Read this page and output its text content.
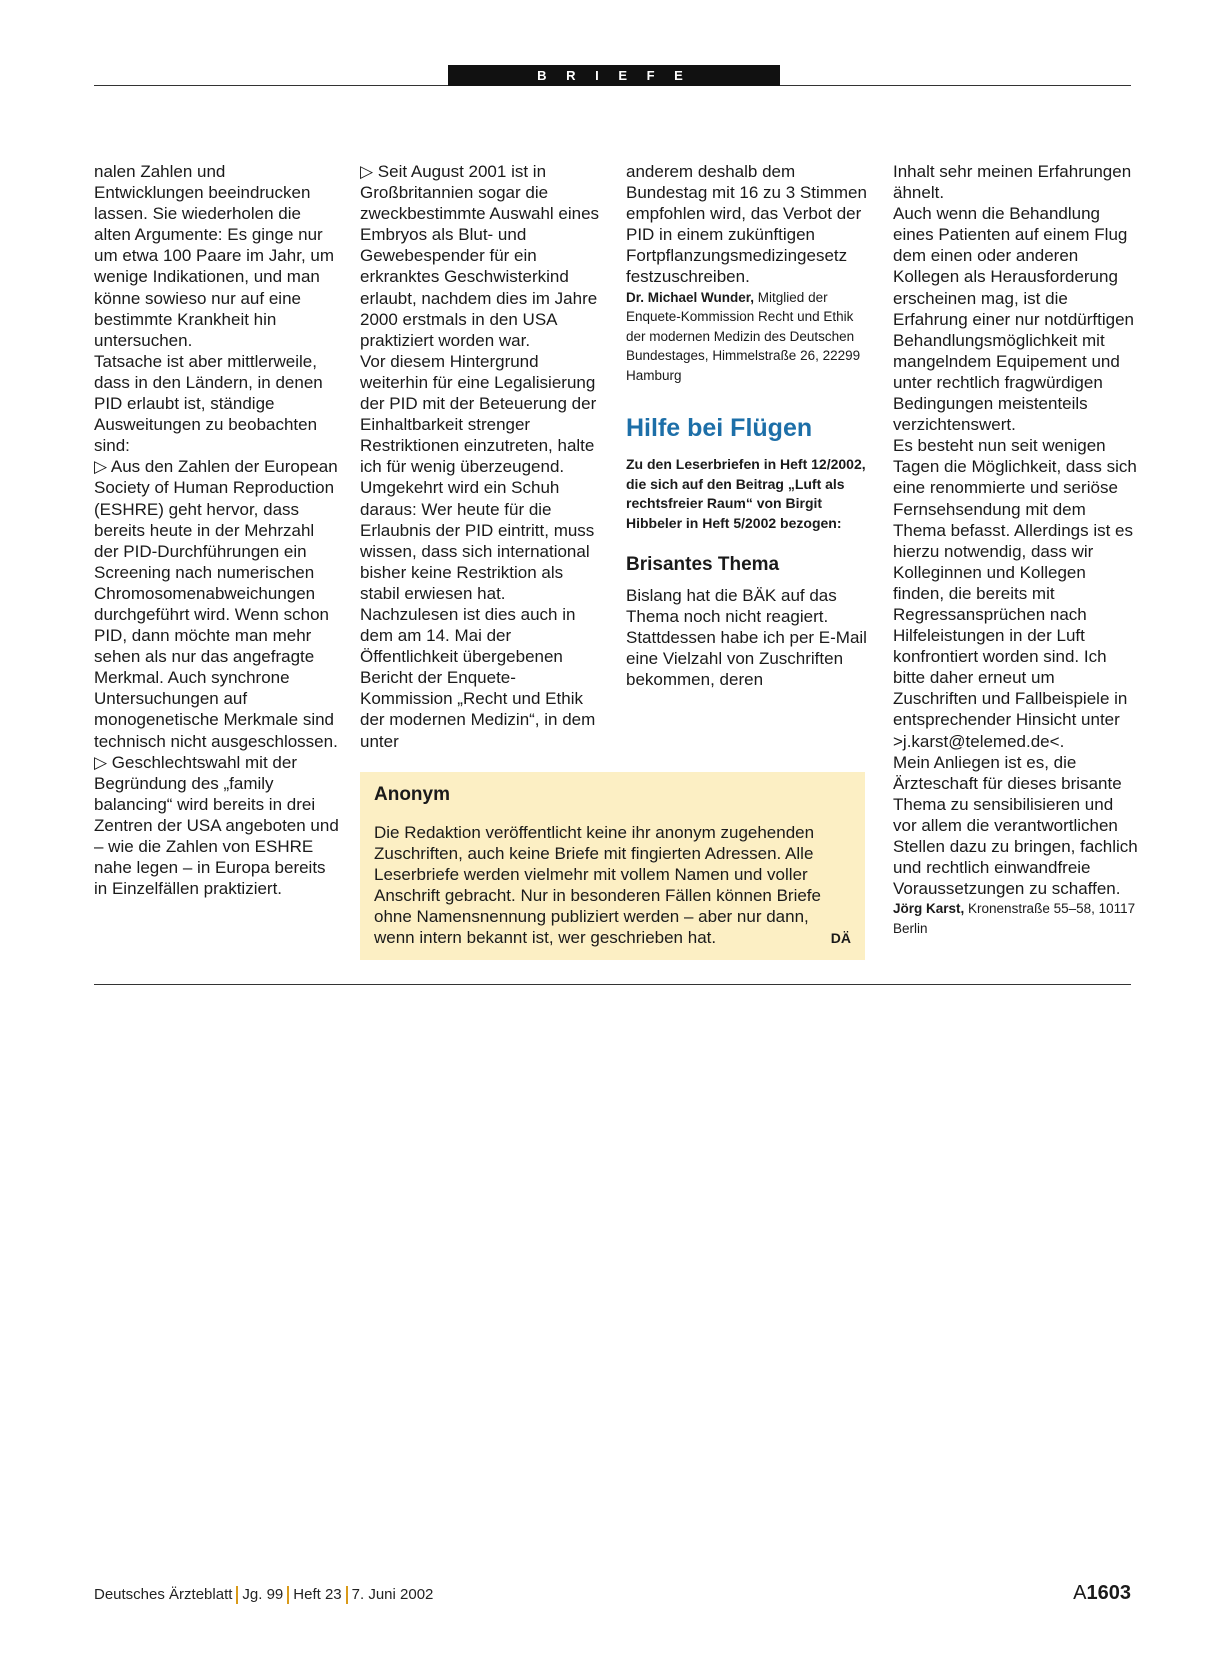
B R I E F E

nalen Zahlen und Entwicklungen beeindrucken lassen. Sie wiederholen die alten Argumente: Es ginge nur um etwa 100 Paare im Jahr, um wenige Indikationen, und man könne sowieso nur auf eine bestimmte Krankheit hin untersuchen.

Tatsache ist aber mittlerweile, dass in den Ländern, in denen PID erlaubt ist, ständige Ausweitungen zu beobachten sind:

▷ Aus den Zahlen der European Society of Human Reproduction (ESHRE) geht hervor, dass bereits heute in der Mehrzahl der PID-Durchführungen ein Screening nach numerischen Chromosomenabweichungen durchgeführt wird. Wenn schon PID, dann möchte man mehr sehen als nur das angefragte Merkmal. Auch synchrone Untersuchungen auf monogenetische Merkmale sind technisch nicht ausgeschlossen.

▷ Geschlechtswahl mit der Begründung des „family balancing“ wird bereits in drei Zentren der USA angeboten und – wie die Zahlen von ESHRE nahe legen – in Europa bereits in Einzelfällen praktiziert.

▷ Seit August 2001 ist in Großbritannien sogar die zweckbestimmte Auswahl eines Embryos als Blut- und Gewebespender für ein erkranktes Geschwisterkind erlaubt, nachdem dies im Jahre 2000 erstmals in den USA praktiziert worden war.

Vor diesem Hintergrund weiterhin für eine Legalisierung der PID mit der Beteuerung der Einhaltbarkeit strenger Restriktionen einzutreten, halte ich für wenig überzeugend. Umgekehrt wird ein Schuh daraus: Wer heute für die Erlaubnis der PID eintritt, muss wissen, dass sich international bisher keine Restriktion als stabil erwiesen hat.

Nachzulesen ist dies auch in dem am 14. Mai der Öffentlichkeit übergebenen Bericht der Enquete-Kommission „Recht und Ethik der modernen Medizin“, in dem unter

anderem deshalb dem Bundestag mit 16 zu 3 Stimmen empfohlen wird, das Verbot der PID in einem zukünftigen Fortpflanzungsmedizingesetz festzuschreiben.

Dr. Michael Wunder, Mitglied der Enquete-Kommission Recht und Ethik der modernen Medizin des Deutschen Bundestages, Himmelstraße 26, 22299 Hamburg

Hilfe bei Flügen
Zu den Leserbriefen in Heft 12/2002, die sich auf den Beitrag „Luft als rechtsfreier Raum“ von Birgit Hibbeler in Heft 5/2002 bezogen:
Brisantes Thema

Bislang hat die BÄK auf das Thema noch nicht reagiert. Stattdessen habe ich per E-Mail eine Vielzahl von Zuschriften bekommen, deren

Inhalt sehr meinen Erfahrungen ähnelt.

Auch wenn die Behandlung eines Patienten auf einem Flug dem einen oder anderen Kollegen als Herausforderung erscheinen mag, ist die Erfahrung einer nur notdürftigen Behandlungsmöglichkeit mit mangelndem Equipement und unter rechtlich fragwürdigen Bedingungen meistenteils verzichtenswert.

Es besteht nun seit wenigen Tagen die Möglichkeit, dass sich eine renommierte und seriöse Fernsehsendung mit dem Thema befasst. Allerdings ist es hierzu notwendig, dass wir Kolleginnen und Kollegen finden, die bereits mit Regressansprüchen nach Hilfeleistungen in der Luft konfrontiert worden sind. Ich bitte daher erneut um Zuschriften und Fallbeispiele in entsprechender Hinsicht unter >j.karst@telemed.de<.

Mein Anliegen ist es, die Ärzteschaft für dieses brisante Thema zu sensibilisieren und vor allem die verantwortlichen Stellen dazu zu bringen, fachlich und rechtlich einwandfreie Voraussetzungen zu schaffen.

Jörg Karst, Kronenstraße 55–58, 10117 Berlin

Anonym
Die Redaktion veröffentlicht keine ihr anonym zugehenden Zuschriften, auch keine Briefe mit fingierten Adressen. Alle Leserbriefe werden vielmehr mit vollem Namen und voller Anschrift gebracht. Nur in besonderen Fällen können Briefe ohne Namensnennung publiziert werden – aber nur dann, wenn intern bekannt ist, wer geschrieben hat.	DÄ
Deutsches Ärzteblatt Jg. 99 Heft 23 7. Juni 2002	A1603
